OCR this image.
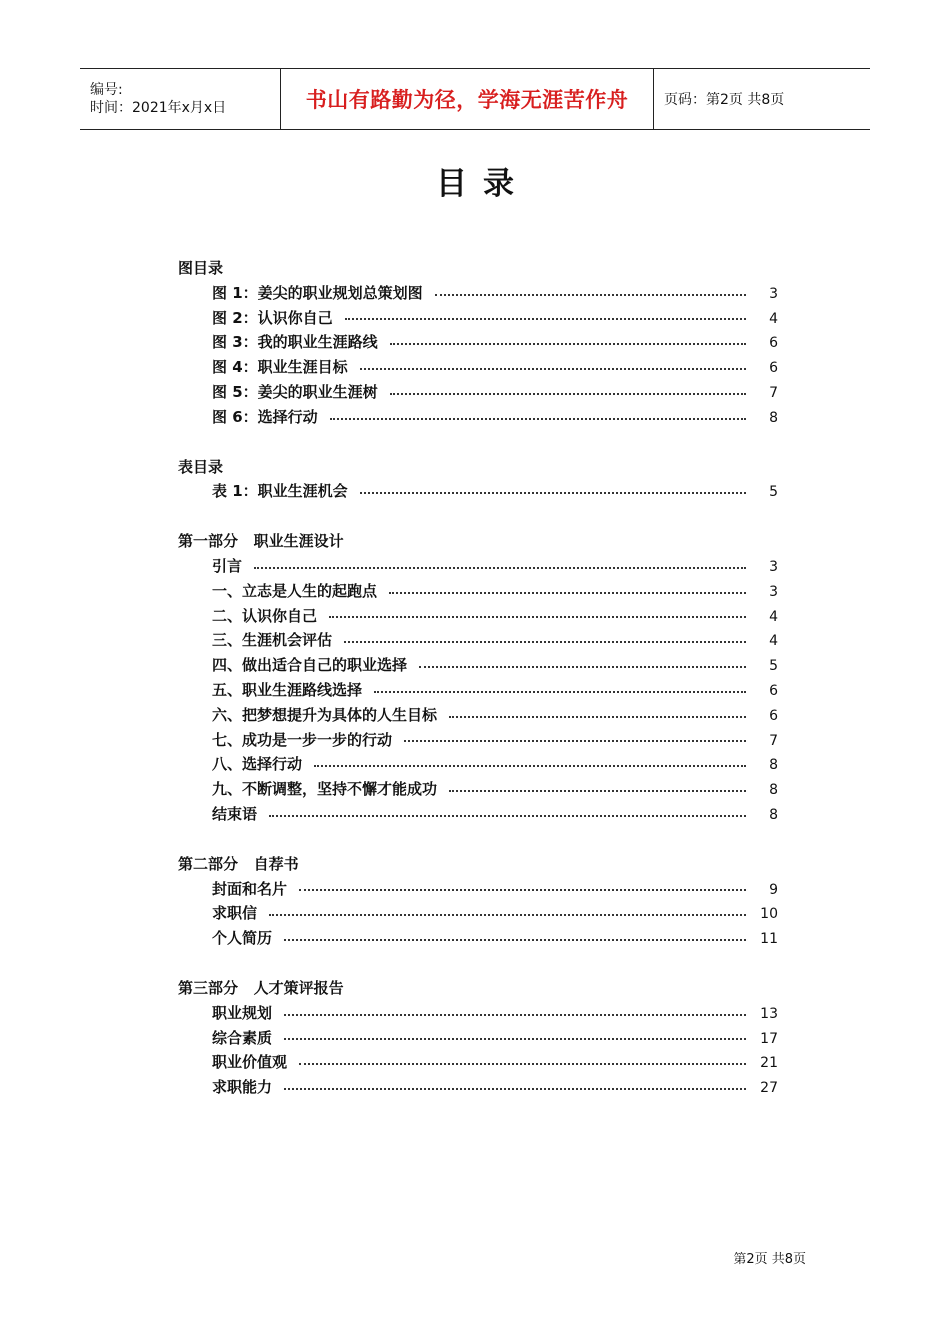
编号:
时间：2021年x月x日	书山有路勤为径，学海无涯苦作舟	页码：第2页 共8页
目录
图目录
图 1：姜尖的职业规划总策划图	3
图 2：认识你自己	4
图 3：我的职业生涯路线	6
图 4：职业生涯目标	6
图 5：姜尖的职业生涯树	7
图 6：选择行动	8
表目录
表 1：职业生涯机会	5
第一部分   职业生涯设计
引言	3
一、立志是人生的起跑点	3
二、认识你自己	4
三、生涯机会评估	4
四、做出适合自己的职业选择	5
五、职业生涯路线选择	6
六、把梦想提升为具体的人生目标	6
七、成功是一步一步的行动	7
八、选择行动	8
九、不断调整，坚持不懈才能成功	8
结束语	8
第二部分   自荐书
封面和名片	9
求职信	10
个人简历	11
第三部分   人才策评报告
职业规划	13
综合素质	17
职业价值观	21
求职能力	27
第2页 共8页
